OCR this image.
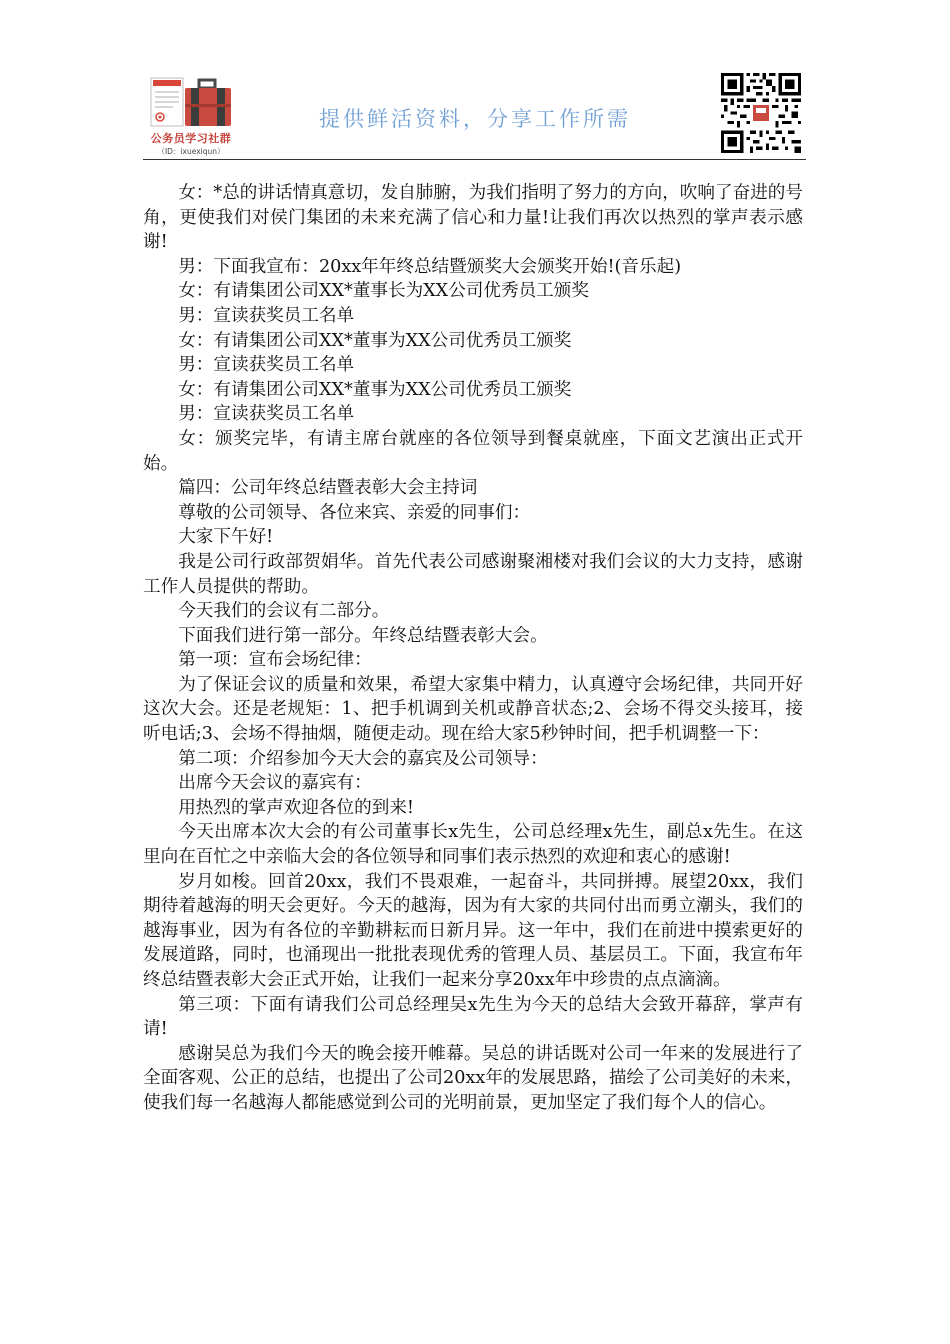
公务员学习社群
（ID：ixuexiqun）
提供鲜活资料，分享工作所需

女：*总的讲话情真意切，发自肺腑，为我们指明了努力的方向，吹响了奋进的号角，更使我们对侯门集团的未来充满了信心和力量!让我们再次以热烈的掌声表示感谢!

男：下面我宣布：20xx年年终总结暨颁奖大会颁奖开始!(音乐起)

女：有请集团公司XX*董事长为XX公司优秀员工颁奖

男：宣读获奖员工名单

女：有请集团公司XX*董事为XX公司优秀员工颁奖

男：宣读获奖员工名单

女：有请集团公司XX*董事为XX公司优秀员工颁奖

男：宣读获奖员工名单

女：颁奖完毕，有请主席台就座的各位领导到餐桌就座，下面文艺演出正式开始。

篇四：公司年终总结暨表彰大会主持词

尊敬的公司领导、各位来宾、亲爱的同事们：

大家下午好!

我是公司行政部贺娟华。首先代表公司感谢聚湘楼对我们会议的大力支持，感谢工作人员提供的帮助。

今天我们的会议有二部分。

下面我们进行第一部分。年终总结暨表彰大会。

第一项：宣布会场纪律：

为了保证会议的质量和效果，希望大家集中精力，认真遵守会场纪律，共同开好这次大会。还是老规矩：1、把手机调到关机或静音状态;2、会场不得交头接耳，接听电话;3、会场不得抽烟，随便走动。现在给大家5秒钟时间，把手机调整一下：

第二项：介绍参加今天大会的嘉宾及公司领导：

出席今天会议的嘉宾有：

用热烈的掌声欢迎各位的到来!

今天出席本次大会的有公司董事长x先生，公司总经理x先生，副总x先生。在这里向在百忙之中亲临大会的各位领导和同事们表示热烈的欢迎和衷心的感谢!

岁月如梭。回首20xx，我们不畏艰难，一起奋斗，共同拼搏。展望20xx，我们期待着越海的明天会更好。今天的越海，因为有大家的共同付出而勇立潮头，我们的越海事业，因为有各位的辛勤耕耘而日新月异。这一年中，我们在前进中摸索更好的发展道路，同时，也涌现出一批批表现优秀的管理人员、基层员工。下面，我宣布年终总结暨表彰大会正式开始，让我们一起来分享20xx年中珍贵的点点滴滴。

第三项：下面有请我们公司总经理吴x先生为今天的总结大会致开幕辞，掌声有请!

感谢吴总为我们今天的晚会接开帷幕。吴总的讲话既对公司一年来的发展进行了全面客观、公正的总结，也提出了公司20xx年的发展思路，描绘了公司美好的未来，使我们每一名越海人都能感觉到公司的光明前景，更加坚定了我们每个人的信心。
